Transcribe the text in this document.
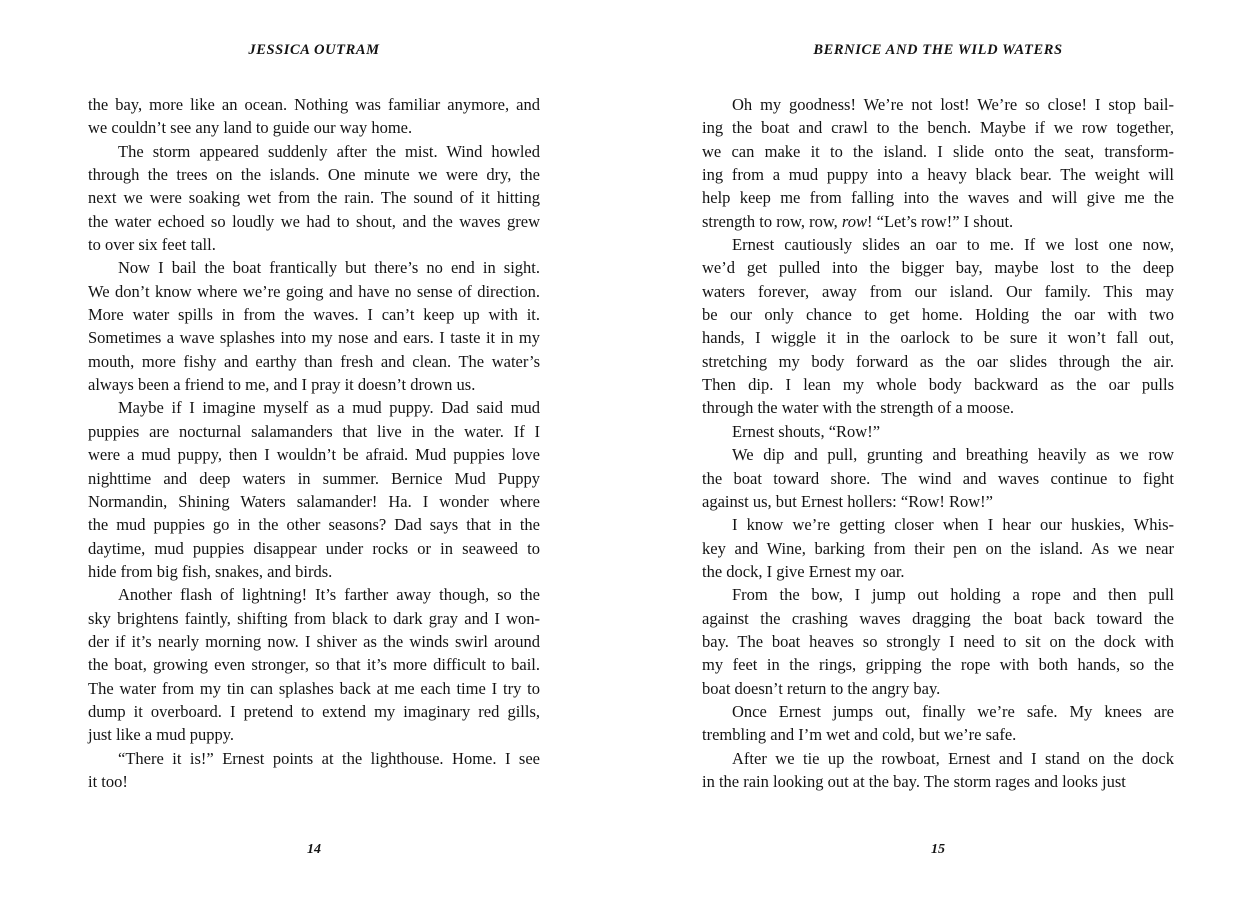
JESSICA OUTRAM
the bay, more like an ocean. Nothing was familiar anymore, and
we couldn’t see any land to guide our way home.
The storm appeared suddenly after the mist. Wind howled
through the trees on the islands. One minute we were dry, the
next we were soaking wet from the rain. The sound of it hitting
the water echoed so loudly we had to shout, and the waves grew
to over six feet tall.
Now I bail the boat frantically but there’s no end in sight.
We don’t know where we’re going and have no sense of direction.
More water spills in from the waves. I can’t keep up with it.
Sometimes a wave splashes into my nose and ears. I taste it in my
mouth, more fishy and earthy than fresh and clean. The water’s
always been a friend to me, and I pray it doesn’t drown us.
Maybe if I imagine myself as a mud puppy. Dad said mud
puppies are nocturnal salamanders that live in the water. If I
were a mud puppy, then I wouldn’t be afraid. Mud puppies love
nighttime and deep waters in summer. Bernice Mud Puppy
Normandin, Shining Waters salamander! Ha. I wonder where
the mud puppies go in the other seasons? Dad says that in the
daytime, mud puppies disappear under rocks or in seaweed to
hide from big fish, snakes, and birds.
Another flash of lightning! It’s farther away though, so the
sky brightens faintly, shifting from black to dark gray and I won-
der if it’s nearly morning now. I shiver as the winds swirl around
the boat, growing even stronger, so that it’s more difficult to bail.
The water from my tin can splashes back at me each time I try to
dump it overboard. I pretend to extend my imaginary red gills,
just like a mud puppy.
“There it is!” Ernest points at the lighthouse. Home. I see
it too!
14
BERNICE AND THE WILD WATERS
Oh my goodness! We’re not lost! We’re so close! I stop bail-
ing the boat and crawl to the bench. Maybe if we row together,
we can make it to the island. I slide onto the seat, transform-
ing from a mud puppy into a heavy black bear. The weight will
help keep me from falling into the waves and will give me the
strength to row, row, row! “Let’s row!” I shout.
Ernest cautiously slides an oar to me. If we lost one now,
we’d get pulled into the bigger bay, maybe lost to the deep
waters forever, away from our island. Our family. This may
be our only chance to get home. Holding the oar with two
hands, I wiggle it in the oarlock to be sure it won’t fall out,
stretching my body forward as the oar slides through the air.
Then dip. I lean my whole body backward as the oar pulls
through the water with the strength of a moose.
Ernest shouts, “Row!”
We dip and pull, grunting and breathing heavily as we row
the boat toward shore. The wind and waves continue to fight
against us, but Ernest hollers: “Row! Row!”
I know we’re getting closer when I hear our huskies, Whis-
key and Wine, barking from their pen on the island. As we near
the dock, I give Ernest my oar.
From the bow, I jump out holding a rope and then pull
against the crashing waves dragging the boat back toward the
bay. The boat heaves so strongly I need to sit on the dock with
my feet in the rings, gripping the rope with both hands, so the
boat doesn’t return to the angry bay.
Once Ernest jumps out, finally we’re safe. My knees are
trembling and I’m wet and cold, but we’re safe.
After we tie up the rowboat, Ernest and I stand on the dock
in the rain looking out at the bay. The storm rages and looks just
15
